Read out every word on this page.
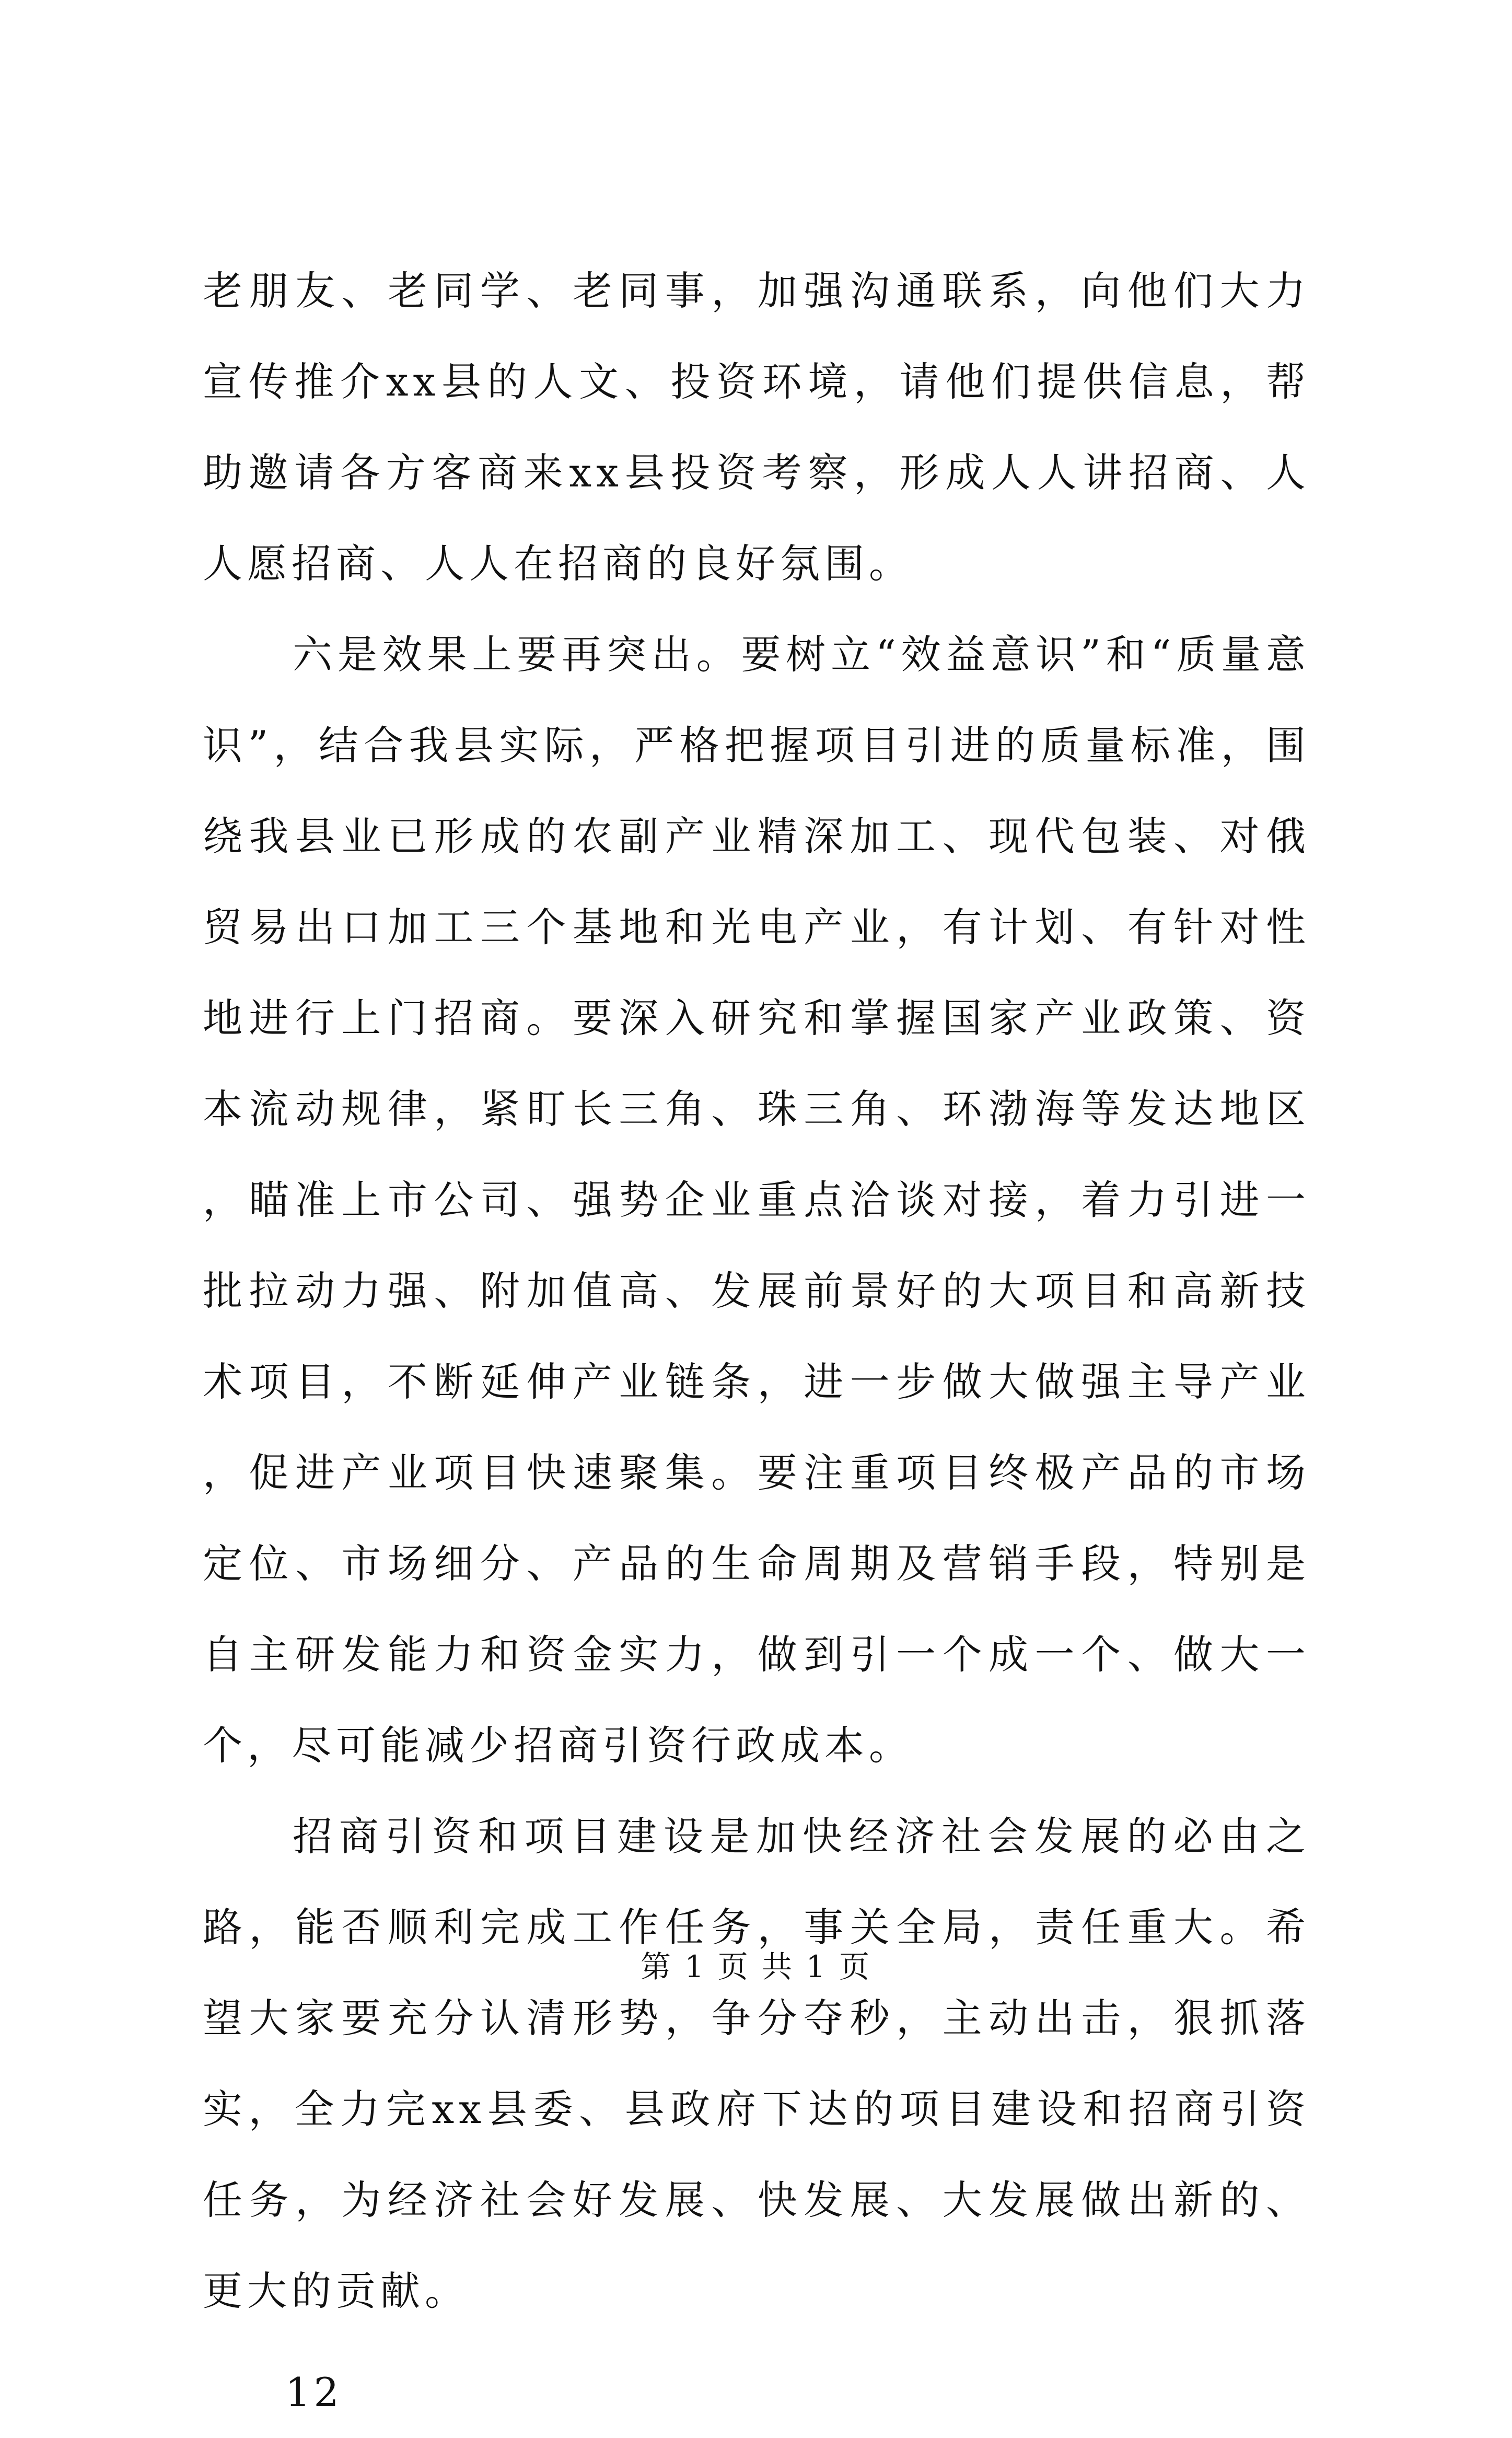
老朋友、老同学、老同事，加强沟通联系，向他们大力宣传推介xx县的人文、投资环境，请他们提供信息，帮助邀请各方客商来xx县投资考察，形成人人讲招商、人人愿招商、人人在招商的良好氛围。

六是效果上要再突出。要树立“效益意识”和“质量意识”，结合我县实际，严格把握项目引进的质量标准，围绕我县业已形成的农副产业精深加工、现代包装、对俄贸易出口加工三个基地和光电产业，有计划、有针对性地进行上门招商。要深入研究和掌握国家产业政策、资本流动规律，紧盯长三角、珠三角、环渤海等发达地区，瞄准上市公司、强势企业重点洽谈对接，着力引进一批拉动力强、附加值高、发展前景好的大项目和高新技术项目，不断延伸产业链条，进一步做大做强主导产业，促进产业项目快速聚集。要注重项目终极产品的市场定位、市场细分、产品的生命周期及营销手段，特别是自主研发能力和资金实力，做到引一个成一个、做大一个，尽可能减少招商引资行政成本。

招商引资和项目建设是加快经济社会发展的必由之路，能否顺利完成工作任务，事关全局，责任重大。希望大家要充分认清形势，争分夺秒，主动出击，狠抓落实，全力完xx县委、县政府下达的项目建设和招商引资任务，为经济社会好发展、快发展、大发展做出新的、更大的贡献。

12

第 1 页 共 1 页
